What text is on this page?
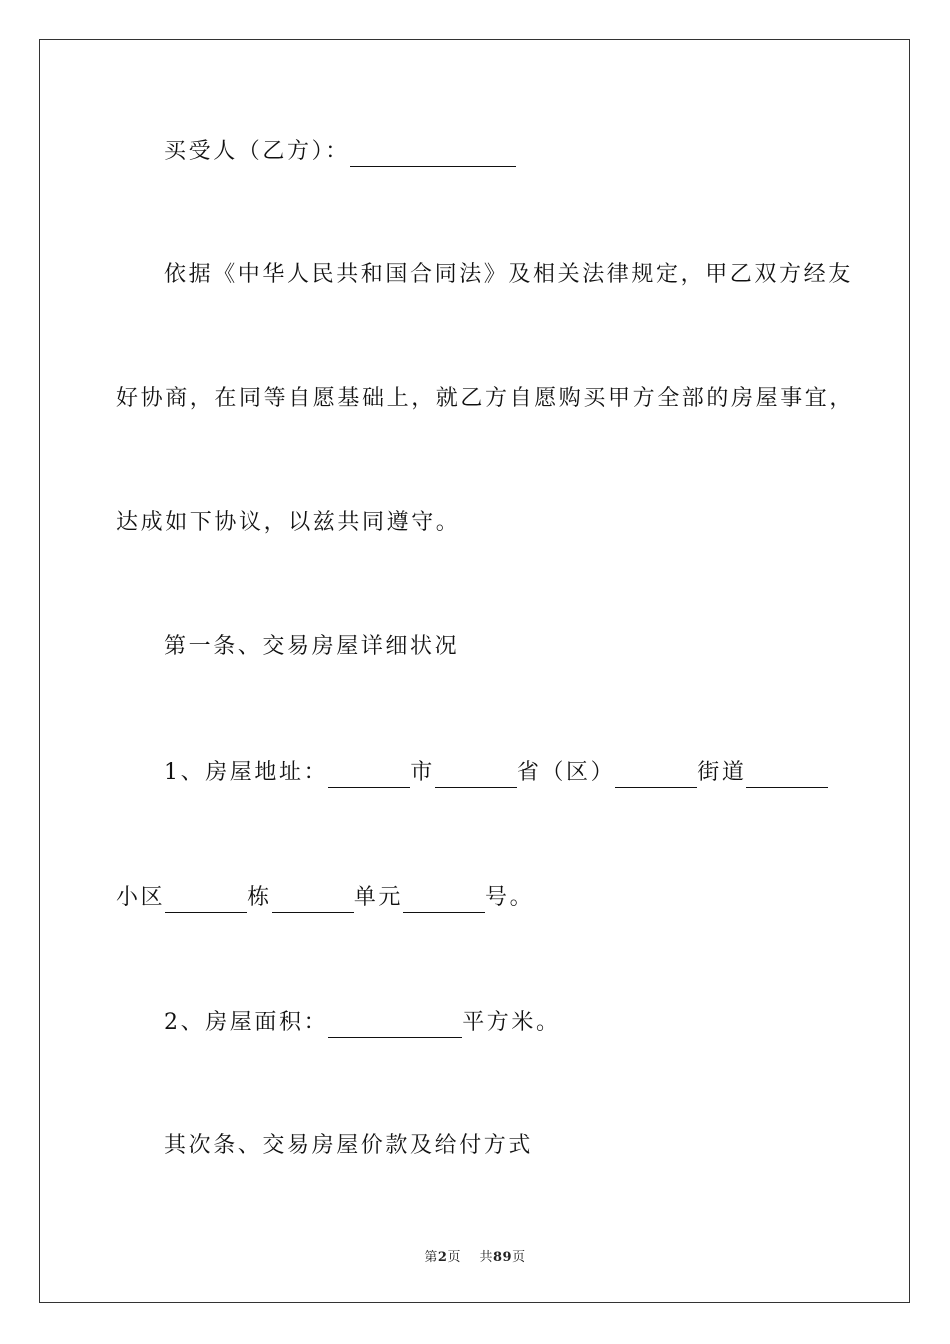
买受人（乙方）：
依据《中华人民共和国合同法》及相关法律规定，甲乙双方经友
好协商，在同等自愿基础上，就乙方自愿购买甲方全部的房屋事宜，
达成如下协议，以兹共同遵守。
第一条、交易房屋详细状况
1、房屋地址：	市	省（区）	街道
小区	栋	单元	号。
2、房屋面积：	平方米。
其次条、交易房屋价款及给付方式
第2页 共89页
